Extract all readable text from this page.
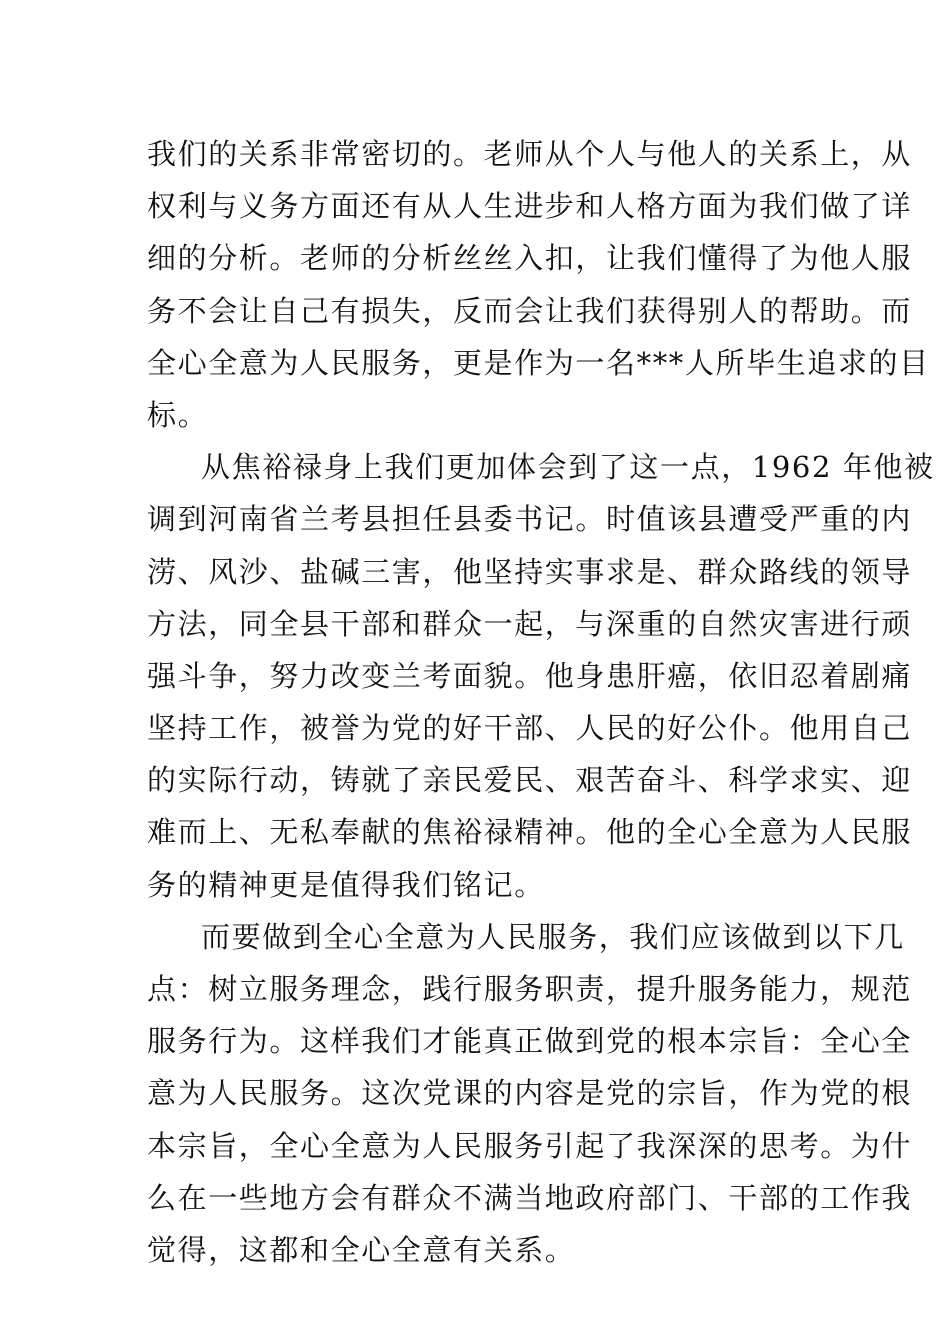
我们的关系非常密切的。老师从个人与他人的关系上，从
权利与义务方面还有从人生进步和人格方面为我们做了详
细的分析。老师的分析丝丝入扣，让我们懂得了为他人服
务不会让自己有损失，反而会让我们获得别人的帮助。而
全心全意为人民服务，更是作为一名***人所毕生追求的目
标。
从焦裕禄身上我们更加体会到了这一点，1962 年他被
调到河南省兰考县担任县委书记。时值该县遭受严重的内
涝、风沙、盐碱三害，他坚持实事求是、群众路线的领导
方法，同全县干部和群众一起，与深重的自然灾害进行顽
强斗争，努力改变兰考面貌。他身患肝癌，依旧忍着剧痛
坚持工作，被誉为党的好干部、人民的好公仆。他用自己
的实际行动，铸就了亲民爱民、艰苦奋斗、科学求实、迎
难而上、无私奉献的焦裕禄精神。他的全心全意为人民服
务的精神更是值得我们铭记。
而要做到全心全意为人民服务，我们应该做到以下几
点：树立服务理念，践行服务职责，提升服务能力，规范
服务行为。这样我们才能真正做到党的根本宗旨：全心全
意为人民服务。这次党课的内容是党的宗旨，作为党的根
本宗旨，全心全意为人民服务引起了我深深的思考。为什
么在一些地方会有群众不满当地政府部门、干部的工作我
觉得，这都和全心全意有关系。
